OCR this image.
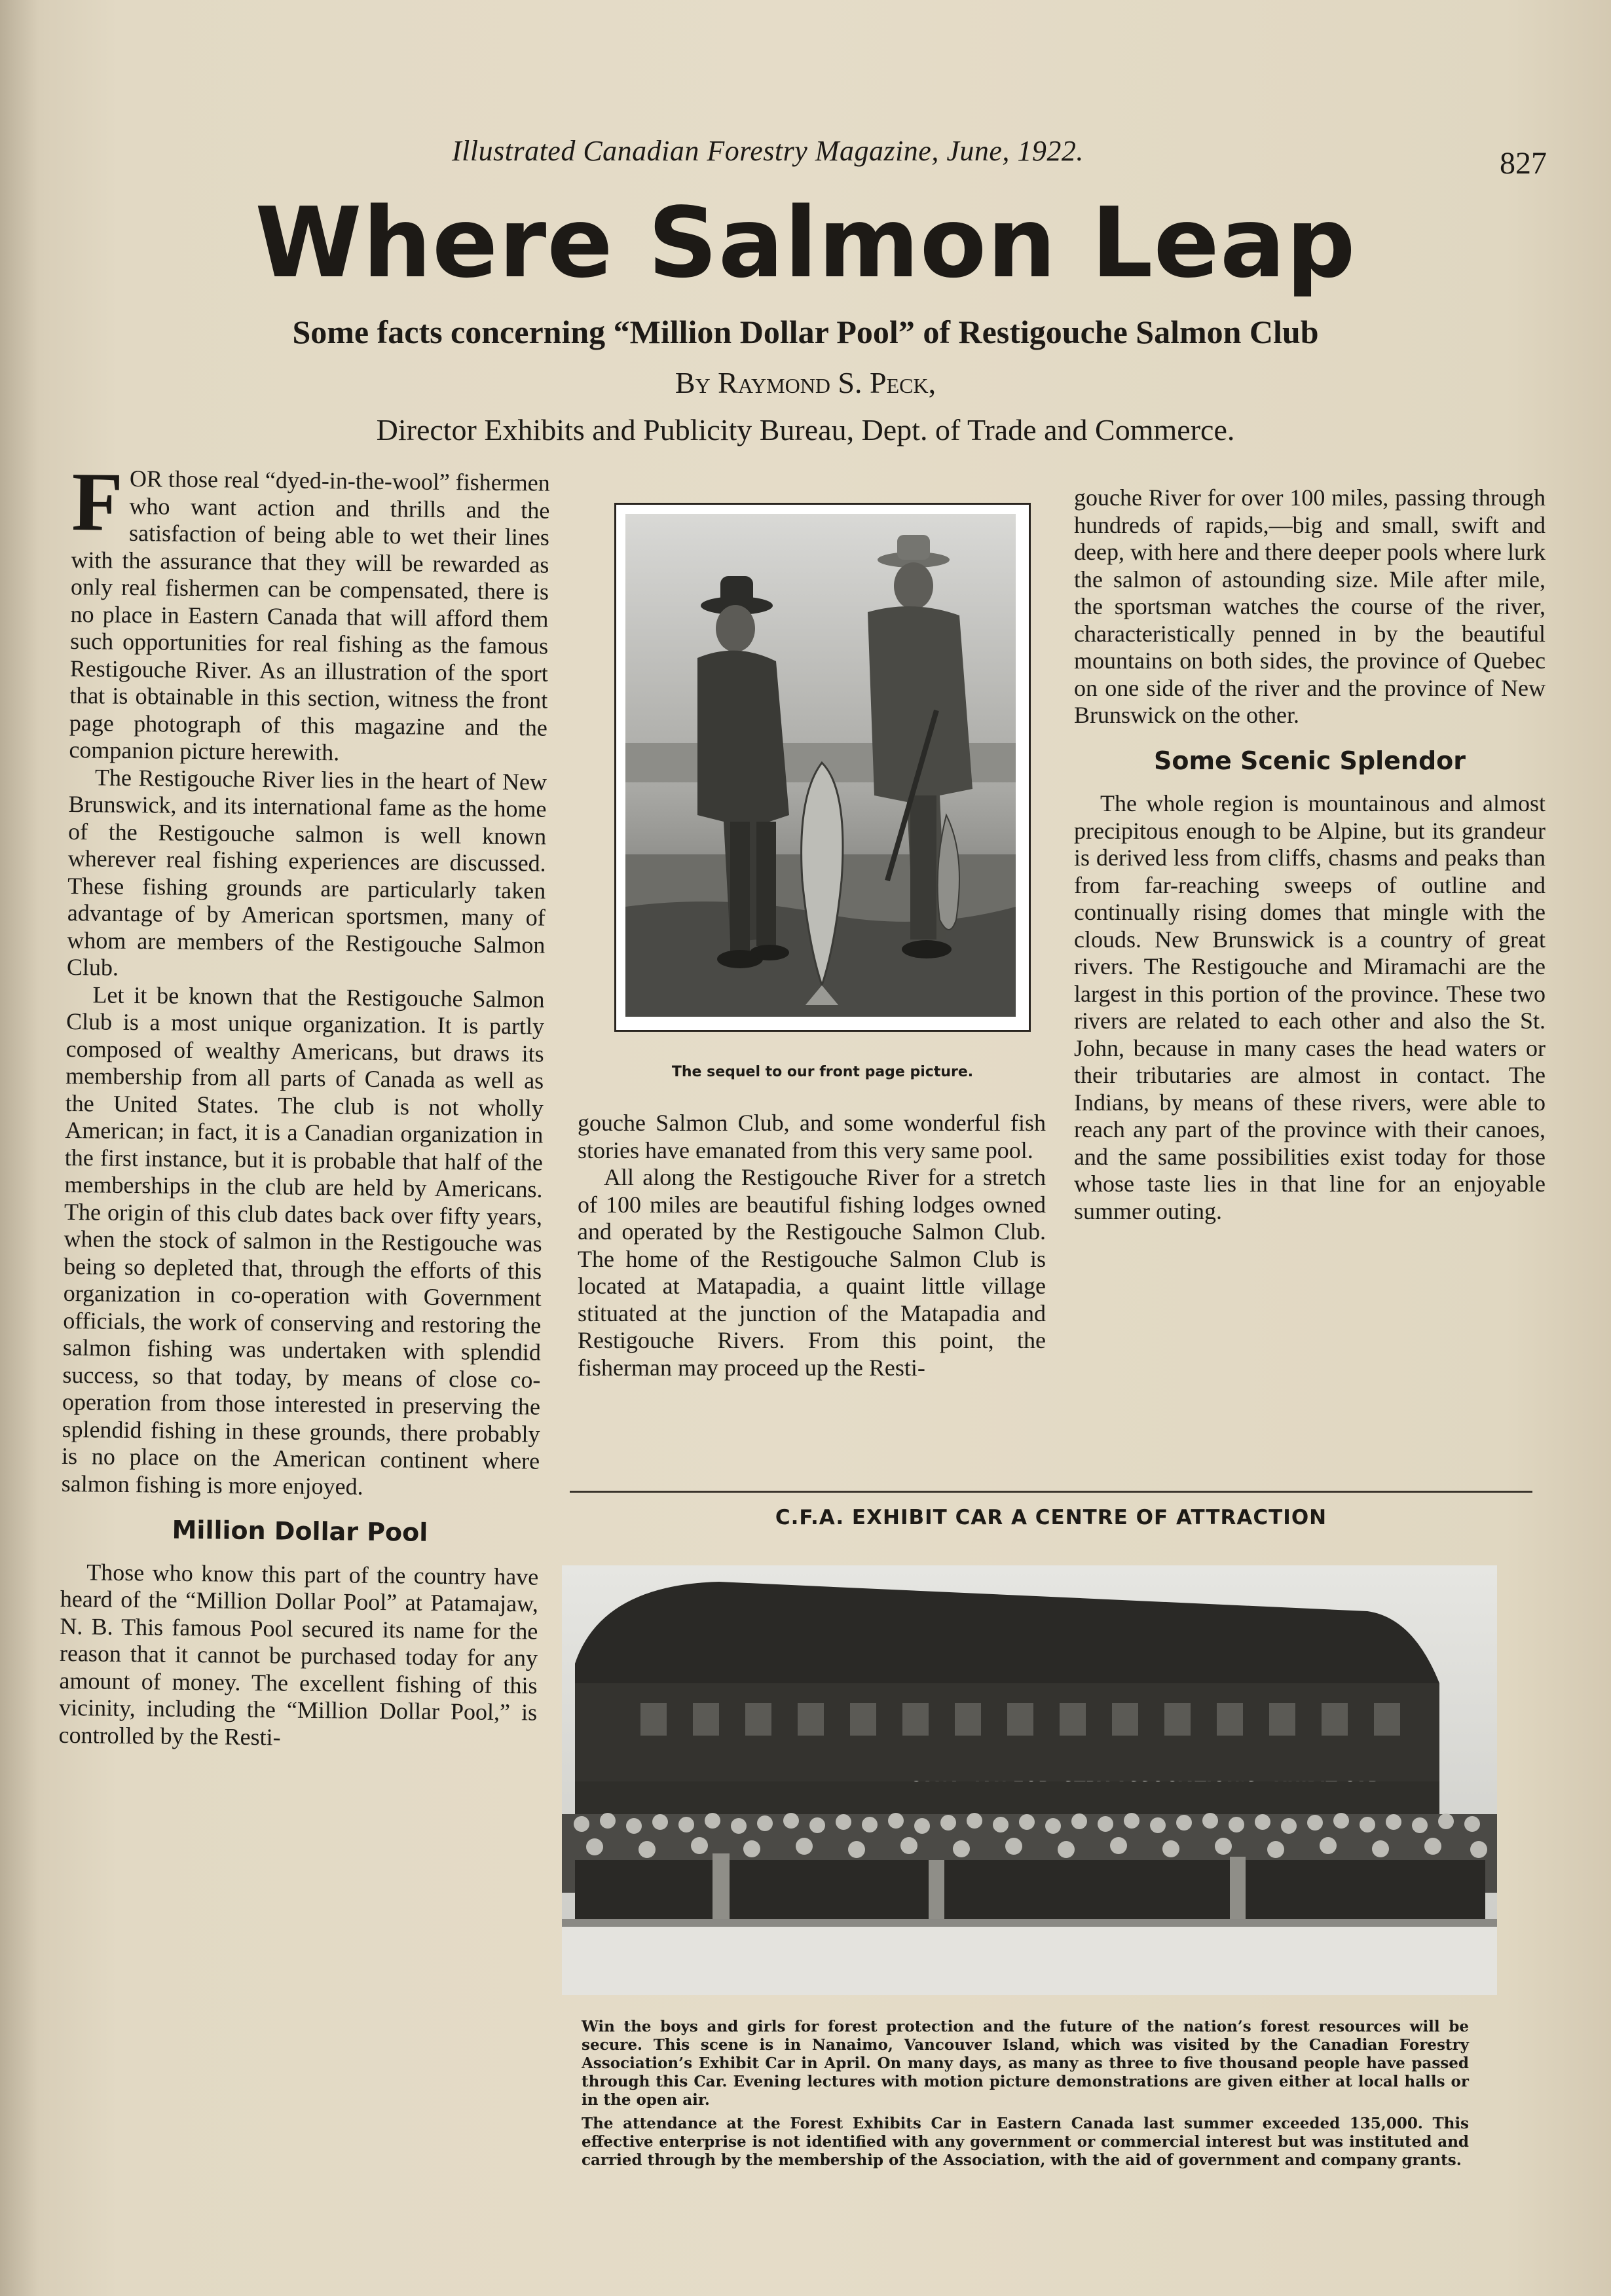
Illustrated Canadian Forestry Magazine, June, 1922.	827
Where Salmon Leap
Some facts concerning “Million Dollar Pool” of Restigouche Salmon Club
By Raymond S. Peck,
Director Exhibits and Publicity Bureau, Dept. of Trade and Commerce.

FOR those real “dyed-in-the-wool” fishermen who want action and thrills and the satisfaction of being able to wet their lines with the assurance that they will be rewarded as only real fishermen can be compensated, there is no place in Eastern Canada that will afford them such opportunities for real fishing as the famous Restigouche River. As an illustration of the sport that is obtainable in this section, witness the front page photograph of this magazine and the companion picture herewith.

The Restigouche River lies in the heart of New Brunswick, and its international fame as the home of the Restigouche salmon is well known wherever real fishing experiences are discussed. These fishing grounds are particularly taken advantage of by American sportsmen, many of whom are members of the Restigouche Salmon Club.

Let it be known that the Restigouche Salmon Club is a most unique organization. It is partly composed of wealthy Americans, but draws its membership from all parts of Canada as well as the United States. The club is not wholly American; in fact, it is a Canadian organization in the first instance, but it is probable that half of the memberships in the club are held by Americans. The origin of this club dates back over fifty years, when the stock of salmon in the Restigouche was being so depleted that, through the efforts of this organization in co-operation with Government officials, the work of conserving and restoring the salmon fishing was undertaken with splendid success, so that today, by means of close co-operation from those interested in preserving the splendid fishing in these grounds, there probably is no place on the American continent where salmon fishing is more enjoyed.

Million Dollar Pool

Those who know this part of the country have heard of the “Million Dollar Pool” at Patamajaw, N. B. This famous Pool secured its name for the reason that it cannot be purchased today for any amount of money. The excellent fishing of this vicinity, including the “Million Dollar Pool,” is controlled by the Resti-

The sequel to our front page picture.

gouche Salmon Club, and some wonderful fish stories have emanated from this very same pool.

All along the Restigouche River for a stretch of 100 miles are beautiful fishing lodges owned and operated by the Restigouche Salmon Club. The home of the Restigouche Salmon Club is located at Matapadia, a quaint little village stituated at the junction of the Matapadia and Restigouche Rivers. From this point, the fisherman may proceed up the Resti-

gouche River for over 100 miles, passing through hundreds of rapids,—big and small, swift and deep, with here and there deeper pools where lurk the salmon of astounding size. Mile after mile, the sportsman watches the course of the river, characteristically penned in by the beautiful mountains on both sides, the province of Quebec on one side of the river and the province of New Brunswick on the other.

Some Scenic Splendor

The whole region is mountainous and almost precipitous enough to be Alpine, but its grandeur is derived less from cliffs, chasms and peaks than from far-reaching sweeps of outline and continually rising domes that mingle with the clouds. New Brunswick is a country of great rivers. The Restigouche and Miramachi are the largest in this portion of the province. These two rivers are related to each other and also the St. John, because in many cases the head waters or their tributaries are almost in contact. The Indians, by means of these rivers, were able to reach any part of the province with their canoes, and the same possibilities exist today for those whose taste lies in that line for an enjoyable summer outing.

C.F.A. EXHIBIT CAR A CENTRE OF ATTRACTION

Win the boys and girls for forest protection and the future of the nation’s forest resources will be secure. This scene is in Nanaimo, Vancouver Island, which was visited by the Canadian Forestry Association’s Exhibit Car in April. On many days, as many as three to five thousand people have passed through this Car. Evening lectures with motion picture demonstrations are given either at local halls or in the open air.

The attendance at the Forest Exhibits Car in Eastern Canada last summer exceeded 135,000. This effective enterprise is not identified with any government or commercial interest but was instituted and carried through by the membership of the Association, with the aid of government and company grants.
